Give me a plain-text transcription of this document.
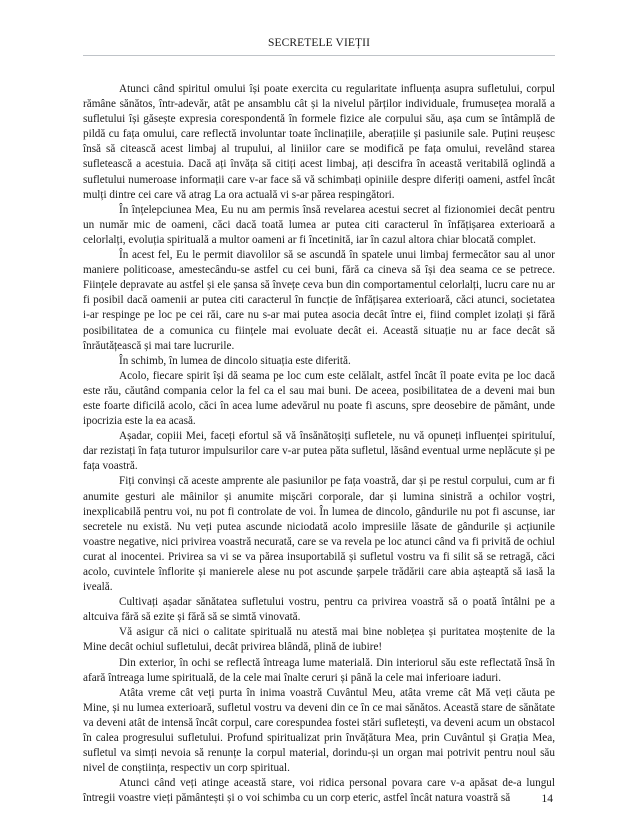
SECRETELE VIEȚII

Atunci când spiritul omului își poate exercita cu regularitate influența asupra sufletului, corpul rămâne sănătos, într-adevăr, atât pe ansamblu cât și la nivelul părților individuale, frumusețea morală a sufletului își găsește expresia corespondentă în formele fizice ale corpului său, așa cum se întâmplă de pildă cu fața omului, care reflectă involuntar toate înclinațiile, aberațiile și pasiunile sale. Puțini reușesc însă să citească acest limbaj al trupului, al liniilor care se modifică pe fața omului, revelând starea sufletească a acestuia. Dacă ați învăța să citiți acest limbaj, ați descifra în această veritabilă oglindă a sufletului numeroase informații care v-ar face să vă schimbați opiniile despre diferiți oameni, astfel încât mulți dintre cei care vă atrag La ora actuală vi s-ar părea respingători.

În înțelepciunea Mea, Eu nu am permis însă revelarea acestui secret al fizionomiei decât pentru un număr mic de oameni, căci dacă toată lumea ar putea citi caracterul în înfățișarea exterioară a celorlalți, evoluția spirituală a multor oameni ar fi încetinită, iar în cazul altora chiar blocată complet.

În acest fel, Eu le permit diavolilor să se ascundă în spatele unui limbaj fermecător sau al unor maniere politicoase, amestecându-se astfel cu cei buni, fără ca cineva să își dea seama ce se petrece. Ființele depravate au astfel și ele șansa să învețe ceva bun din comportamentul celorlalți, lucru care nu ar fi posibil dacă oamenii ar putea citi caracterul în funcție de înfățișarea exterioară, căci atunci, societatea i-ar respinge pe loc pe cei răi, care nu s-ar mai putea asocia decât între ei, fiind complet izolați și fără posibilitatea de a comunica cu ființele mai evoluate decât ei. Această situație nu ar face decât să înrăutățească și mai tare lucrurile.

În schimb, în lumea de dincolo situația este diferită.

Acolo, fiecare spirit își dă seama pe loc cum este celălalt, astfel încât îl poate evita pe loc dacă este rău, căutând compania celor la fel ca el sau mai buni. De aceea, posibilitatea de a deveni mai bun este foarte dificilă acolo, căci în acea lume adevărul nu poate fi ascuns, spre deosebire de pământ, unde ipocrizia este la ea acasă.

Așadar, copiii Mei, faceți efortul să vă însănătoșiți sufletele, nu vă opuneți influenței spirituluí, dar rezistați în fața tuturor impulsurilor care v-ar putea păta sufletul, lăsând eventual urme neplăcute și pe fața voastră.

Fiți convinși că aceste amprente ale pasiunilor pe fața voastră, dar și pe restul corpului, cum ar fi anumite gesturi ale mâinilor și anumite mișcări corporale, dar și lumina sinistră a ochilor voștri, inexplicabilă pentru voi, nu pot fi controlate de voi. În lumea de dincolo, gândurile nu pot fi ascunse, iar secretele nu există. Nu veți putea ascunde niciodată acolo impresiile lăsate de gândurile și acțiunile voastre negative, nici privirea voastră necurată, care se va revela pe loc atunci când va fi privită de ochiul curat al inocentei. Privirea sa vi se va părea insuportabilă și sufletul vostru va fi silit să se retragă, căci acolo, cuvintele înflorite și manierele alese nu pot ascunde șarpele trădării care abia așteaptă să iasă la iveală.

Cultivați așadar sănătatea sufletului vostru, pentru ca privirea voastră să o poată întâlni pe a altcuiva fără să ezite și fără să se simtă vinovată.

Vă asigur că nici o calitate spirituală nu atestă mai bine noblețea și puritatea moștenite de la Mine decât ochiul sufletului, decât privirea blândă, plină de iubire!

Din exterior, în ochi se reflectă întreaga lume materială. Din interiorul său este reflectată însă în afară întreaga lume spirituală, de la cele mai înalte ceruri și până la cele mai inferioare iaduri.

Atâta vreme cât veți purta în inima voastră Cuvântul Meu, atâta vreme cât Mă veți căuta pe Mine, și nu lumea exterioară, sufletul vostru va deveni din ce în ce mai sănătos. Această stare de sănătate va deveni atât de intensă încât corpul, care corespundea fostei stări sufletești, va deveni acum un obstacol în calea progresului sufletului. Profund spiritualizat prin învățătura Mea, prin Cuvântul și Grația Mea, sufletul va simți nevoia să renunțe la corpul material, dorindu-și un organ mai potrivit pentru noul său nivel de conștiința, respectiv un corp spiritual.

Atunci când veți atinge această stare, voi ridica personal povara care v-a apăsat de-a lungul întregii voastre vieți pământești și o voi schimba cu un corp eteric, astfel încât natura voastră să	14
